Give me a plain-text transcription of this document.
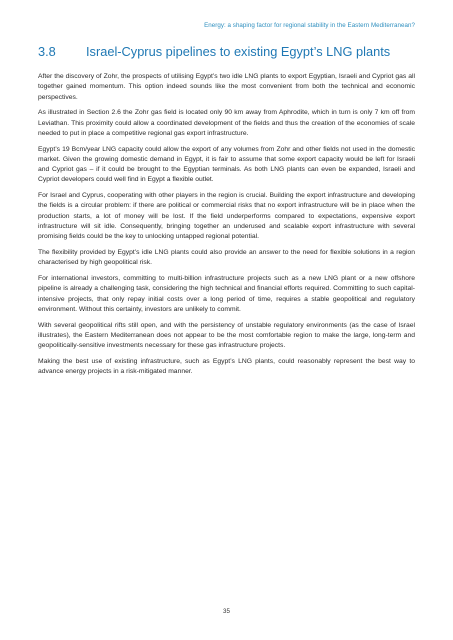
Energy: a shaping factor for regional stability in the Eastern Mediterranean?
3.8 Israel-Cyprus pipelines to existing Egypt’s LNG plants

After the discovery of Zohr, the prospects of utilising Egypt’s two idle LNG plants to export Egyptian, Israeli and Cypriot gas all together gained momentum. This option indeed sounds like the most convenient from both the technical and economic perspectives.

As illustrated in Section 2.6 the Zohr gas field is located only 90 km away from Aphrodite, which in turn is only 7 km off from Leviathan. This proximity could allow a coordinated development of the fields and thus the creation of the economies of scale needed to put in place a competitive regional gas export infrastructure.

Egypt’s 19 Bcm/year LNG capacity could allow the export of any volumes from Zohr and other fields not used in the domestic market. Given the growing domestic demand in Egypt, it is fair to assume that some export capacity would be left for Israeli and Cypriot gas – if it could be brought to the Egyptian terminals. As both LNG plants can even be expanded, Israeli and Cypriot developers could well find in Egypt a flexible outlet.

For Israel and Cyprus, cooperating with other players in the region is crucial. Building the export infrastructure and developing the fields is a circular problem: if there are political or commercial risks that no export infrastructure will be in place when the production starts, a lot of money will be lost. If the field underperforms compared to expectations, expensive export infrastructure will sit idle. Consequently, bringing together an underused and scalable export infrastructure with several promising fields could be the key to unlocking untapped regional potential.

The flexibility provided by Egypt’s idle LNG plants could also provide an answer to the need for flexible solutions in a region characterised by high geopolitical risk.

For international investors, committing to multi-billion infrastructure projects such as a new LNG plant or a new offshore pipeline is already a challenging task, considering the high technical and financial efforts required. Committing to such capital-intensive projects, that only repay initial costs over a long period of time, requires a stable geopolitical and regulatory environment. Without this certainty, investors are unlikely to commit.

With several geopolitical rifts still open, and with the persistency of unstable regulatory environments (as the case of Israel illustrates), the Eastern Mediterranean does not appear to be the most comfortable region to make the large, long-term and geopolitically-sensitive investments necessary for these gas infrastructure projects.

Making the best use of existing infrastructure, such as Egypt’s LNG plants, could reasonably represent the best way to advance energy projects in a risk-mitigated manner.

35
